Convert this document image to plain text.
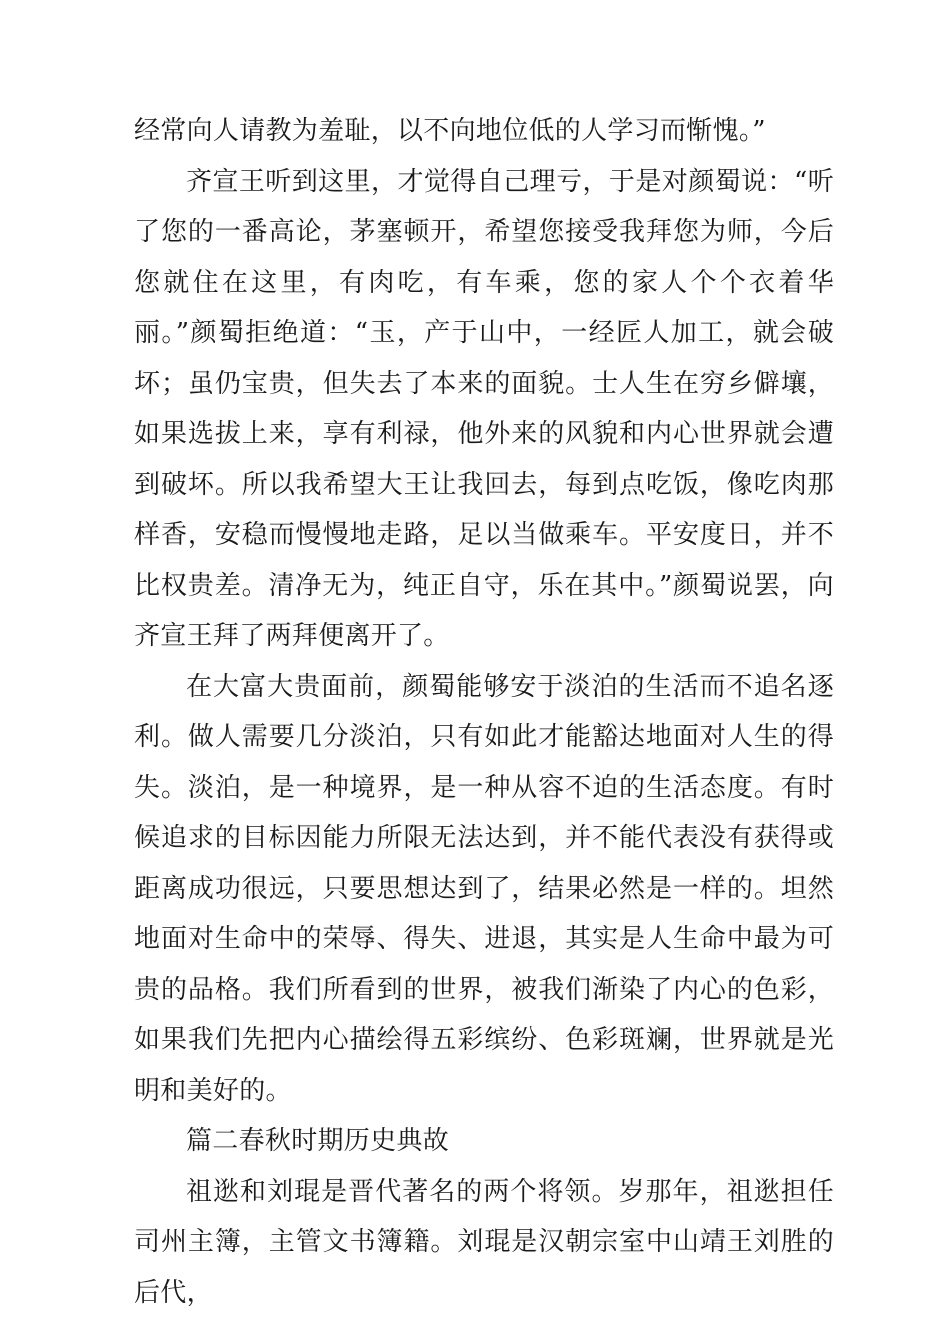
经常向人请教为羞耻，以不向地位低的人学习而惭愧。”

齐宣王听到这里，才觉得自己理亏，于是对颜蜀说：“听了您的一番高论，茅塞顿开，希望您接受我拜您为师，今后您就住在这里，有肉吃，有车乘，您的家人个个衣着华丽。”颜蜀拒绝道：“玉，产于山中，一经匠人加工，就会破坏；虽仍宝贵，但失去了本来的面貌。士人生在穷乡僻壤，如果选拔上来，享有利禄，他外来的风貌和内心世界就会遭到破坏。所以我希望大王让我回去，每到点吃饭，像吃肉那样香，安稳而慢慢地走路，足以当做乘车。平安度日，并不比权贵差。清净无为，纯正自守，乐在其中。”颜蜀说罢，向齐宣王拜了两拜便离开了。

在大富大贵面前，颜蜀能够安于淡泊的生活而不追名逐利。做人需要几分淡泊，只有如此才能豁达地面对人生的得失。淡泊，是一种境界，是一种从容不迫的生活态度。有时候追求的目标因能力所限无法达到，并不能代表没有获得或距离成功很远，只要思想达到了，结果必然是一样的。坦然地面对生命中的荣辱、得失、进退，其实是人生命中最为可贵的品格。我们所看到的世界，被我们渐染了内心的色彩，如果我们先把内心描绘得五彩缤纷、色彩斑斓，世界就是光明和美好的。

篇二春秋时期历史典故

祖逖和刘琨是晋代著名的两个将领。岁那年，祖逖担任司州主簿，主管文书簿籍。刘琨是汉朝宗室中山靖王刘胜的后代，
